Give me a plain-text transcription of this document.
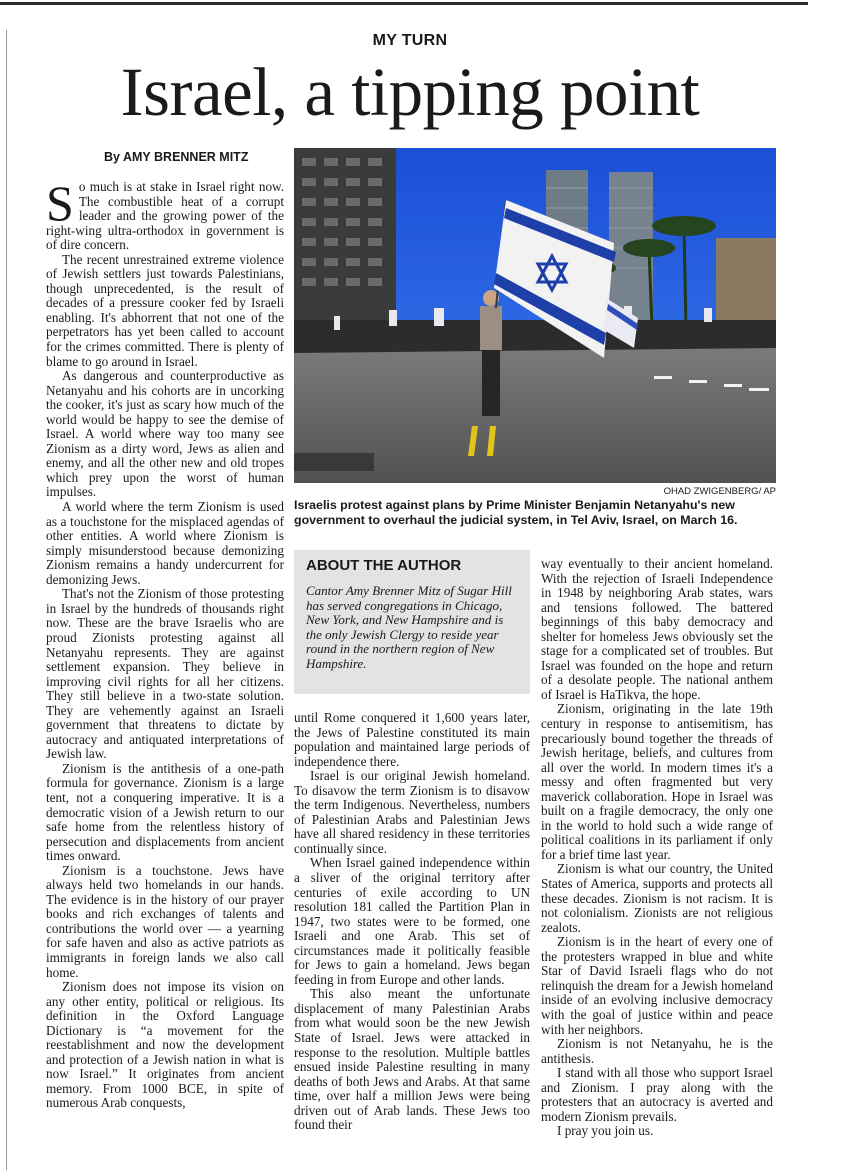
MY TURN
Israel, a tipping point
By AMY BRENNER MITZ

So much is at stake in Israel right now. The combustible heat of a corrupt leader and the growing power of the right-wing ultra-orthodox in government is of dire concern.

The recent unrestrained extreme violence of Jewish settlers just towards Palestinians, though unprecedented, is the result of decades of a pressure cooker fed by Israeli enabling. It's abhorrent that not one of the perpetrators has yet been called to account for the crimes committed. There is plenty of blame to go around in Israel.

As dangerous and counterproductive as Netanyahu and his cohorts are in uncorking the cooker, it's just as scary how much of the world would be happy to see the demise of Israel. A world where way too many see Zionism as a dirty word, Jews as alien and enemy, and all the other new and old tropes which prey upon the worst of human impulses.

A world where the term Zionism is used as a touchstone for the misplaced agendas of other entities. A world where Zionism is simply misunderstood because demonizing Zionism remains a handy undercurrent for demonizing Jews.

That's not the Zionism of those protesting in Israel by the hundreds of thousands right now. These are the brave Israelis who are proud Zionists protesting against all Netanyahu represents. They are against settlement expansion. They believe in improving civil rights for all her citizens. They still believe in a two-state solution. They are vehemently against an Israeli government that threatens to dictate by autocracy and antiquated interpretations of Jewish law.

Zionism is the antithesis of a one-path formula for governance. Zionism is a large tent, not a conquering imperative. It is a democratic vision of a Jewish return to our safe home from the relentless history of persecution and displacements from ancient times onward.

Zionism is a touchstone. Jews have always held two homelands in our hands. The evidence is in the history of our prayer books and rich exchanges of talents and contributions the world over — a yearning for safe haven and also as active patriots as immigrants in foreign lands we also call home.

Zionism does not impose its vision on any other entity, political or religious. Its definition in the Oxford Language Dictionary is “a movement for the reestablishment and now the development and protection of a Jewish nation in what is now Israel.” It originates from ancient memory. From 1000 BCE, in spite of numerous Arab conquests,

OHAD ZWIGENBERG/ AP
Israelis protest against plans by Prime Minister Benjamin Netanyahu's new government to overhaul the judicial system, in Tel Aviv, Israel, on March 16.
ABOUT THE AUTHOR
Cantor Amy Brenner Mitz of Sugar Hill has served congregations in Chicago, New York, and New Hampshire and is the only Jewish Clergy to reside year round in the northern region of New Hampshire.

until Rome conquered it 1,600 years later, the Jews of Palestine constituted its main population and maintained large periods of independence there.

Israel is our original Jewish homeland. To disavow the term Zionism is to disavow the term Indigenous. Nevertheless, numbers of Palestinian Arabs and Palestinian Jews have all shared residency in these territories continually since.

When Israel gained independence within a sliver of the original territory after centuries of exile according to UN resolution 181 called the Partition Plan in 1947, two states were to be formed, one Israeli and one Arab. This set of circumstances made it politically feasible for Jews to gain a homeland. Jews began feeding in from Europe and other lands.

This also meant the unfortunate displacement of many Palestinian Arabs from what would soon be the new Jewish State of Israel. Jews were attacked in response to the resolution. Multiple battles ensued inside Palestine resulting in many deaths of both Jews and Arabs. At that same time, over half a million Jews were being driven out of Arab lands. These Jews too found their

way eventually to their ancient homeland. With the rejection of Israeli Independence in 1948 by neighboring Arab states, wars and tensions followed. The battered beginnings of this baby democracy and shelter for homeless Jews obviously set the stage for a complicated set of troubles. But Israel was founded on the hope and return of a desolate people. The national anthem of Israel is HaTikva, the hope.

Zionism, originating in the late 19th century in response to antisemitism, has precariously bound together the threads of Jewish heritage, beliefs, and cultures from all over the world. In modern times it's a messy and often fragmented but very maverick collaboration. Hope in Israel was built on a fragile democracy, the only one in the world to hold such a wide range of political coalitions in its parliament if only for a brief time last year.

Zionism is what our country, the United States of America, supports and protects all these decades. Zionism is not racism. It is not colonialism. Zionists are not religious zealots.

Zionism is in the heart of every one of the protesters wrapped in blue and white Star of David Israeli flags who do not relinquish the dream for a Jewish homeland inside of an evolving inclusive democracy with the goal of justice within and peace with her neighbors.

Zionism is not Netanyahu, he is the antithesis.

I stand with all those who support Israel and Zionism. I pray along with the protesters that an autocracy is averted and modern Zionism prevails.

I pray you join us.
